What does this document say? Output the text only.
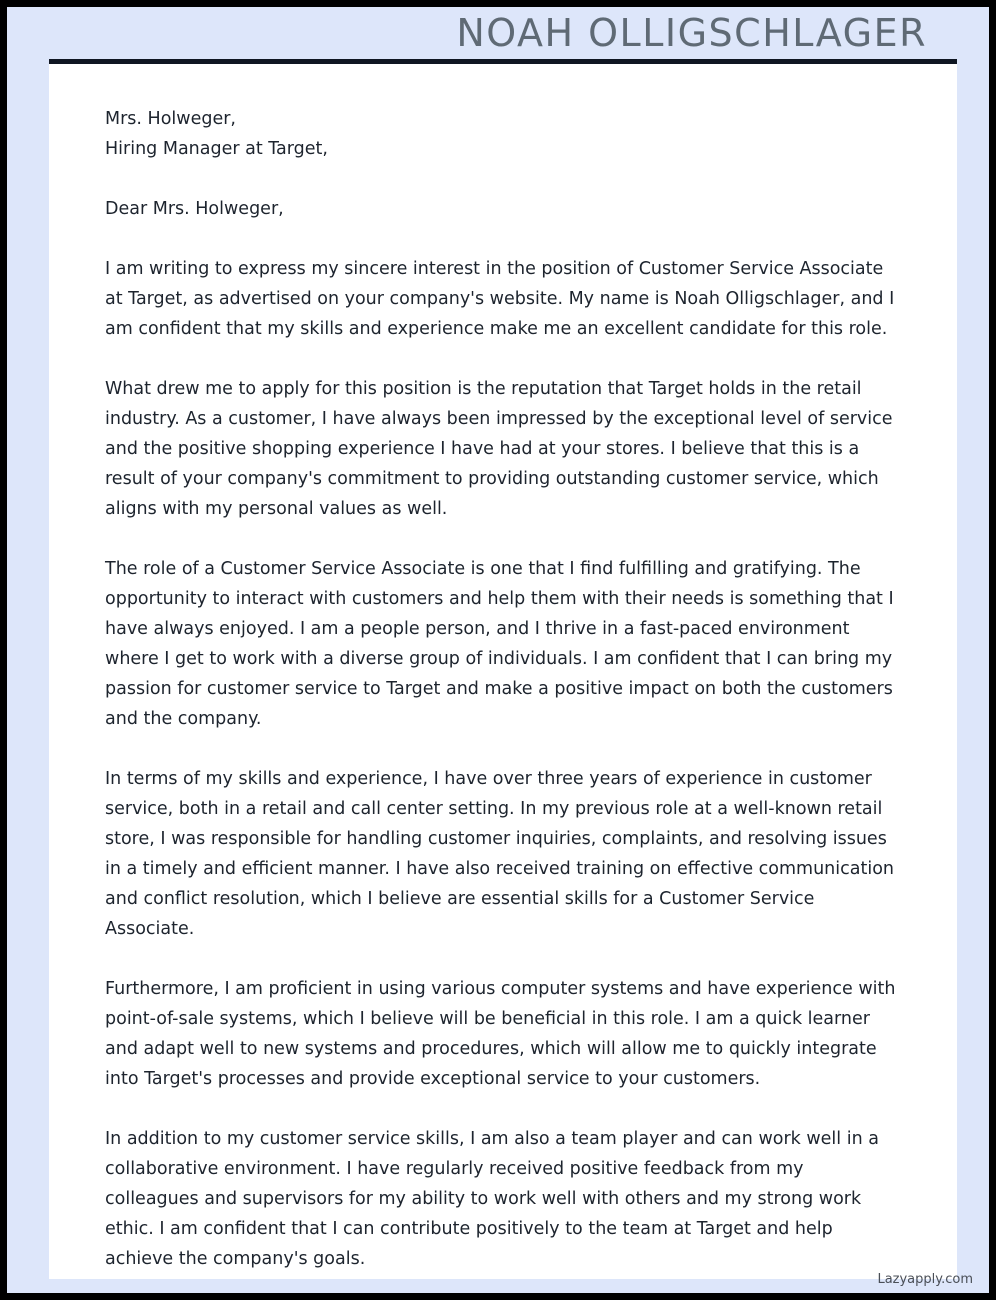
NOAH OLLIGSCHLAGER
Mrs. Holweger,
Hiring Manager at Target,
Dear Mrs. Holweger,

I am writing to express my sincere interest in the position of Customer Service Associate at Target, as advertised on your company's website. My name is Noah Olligschlager, and I am confident that my skills and experience make me an excellent candidate for this role.

What drew me to apply for this position is the reputation that Target holds in the retail industry. As a customer, I have always been impressed by the exceptional level of service and the positive shopping experience I have had at your stores. I believe that this is a result of your company's commitment to providing outstanding customer service, which aligns with my personal values as well.

The role of a Customer Service Associate is one that I find fulfilling and gratifying. The opportunity to interact with customers and help them with their needs is something that I have always enjoyed. I am a people person, and I thrive in a fast-paced environment where I get to work with a diverse group of individuals. I am confident that I can bring my passion for customer service to Target and make a positive impact on both the customers and the company.

In terms of my skills and experience, I have over three years of experience in customer service, both in a retail and call center setting. In my previous role at a well-known retail store, I was responsible for handling customer inquiries, complaints, and resolving issues in a timely and efficient manner. I have also received training on effective communication and conflict resolution, which I believe are essential skills for a Customer Service Associate.

Furthermore, I am proficient in using various computer systems and have experience with point-of-sale systems, which I believe will be beneficial in this role. I am a quick learner and adapt well to new systems and procedures, which will allow me to quickly integrate into Target's processes and provide exceptional service to your customers.

In addition to my customer service skills, I am also a team player and can work well in a collaborative environment. I have regularly received positive feedback from my colleagues and supervisors for my ability to work well with others and my strong work ethic. I am confident that I can contribute positively to the team at Target and help achieve the company's goals.

Lazyapply.com
